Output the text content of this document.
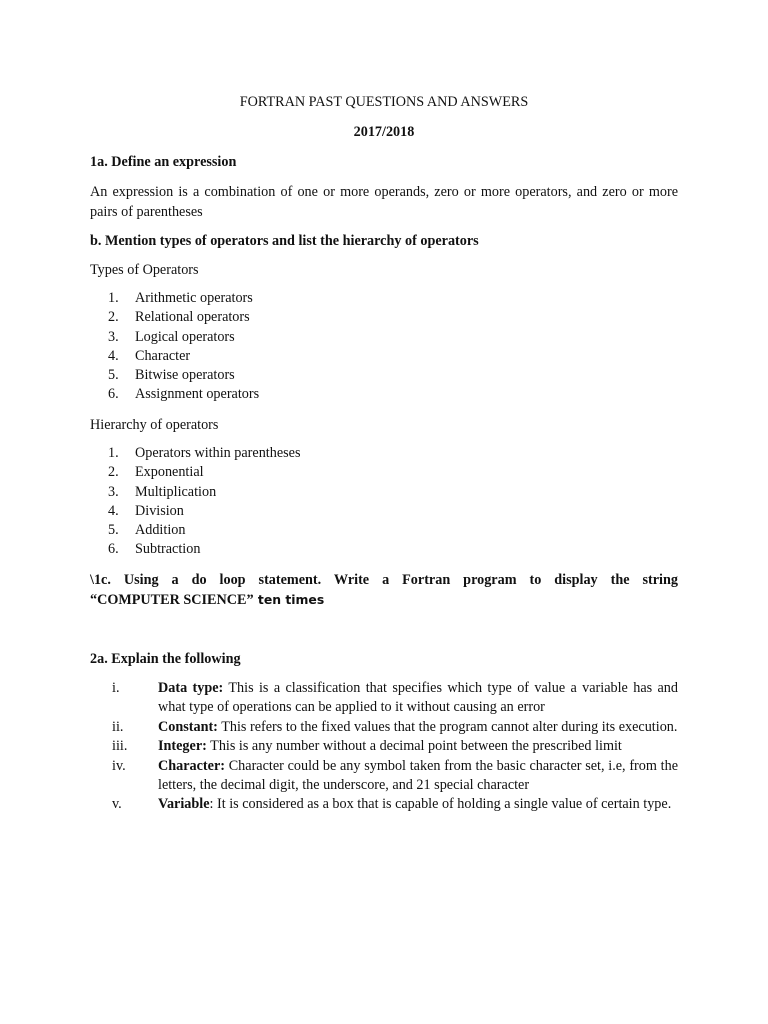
FORTRAN PAST QUESTIONS AND ANSWERS
2017/2018
1a. Define an expression
An expression is a combination of one or more operands, zero or more operators, and zero or more pairs of parentheses
b. Mention types of operators and list the hierarchy of operators
Types of Operators
1. Arithmetic operators
2. Relational operators
3. Logical operators
4. Character
5. Bitwise operators
6. Assignment operators
Hierarchy of operators
1. Operators within parentheses
2. Exponential
3. Multiplication
4. Division
5. Addition
6. Subtraction
\1c. Using a do loop statement. Write a Fortran program to display the string
“COMPUTER SCIENCE” ten times
2a. Explain the following
i.	Data type: This is a classification that specifies which type of value a variable has and what type of operations can be applied to it without causing an error
ii. Constant: This refers to the fixed values that the program cannot alter during its execution.
iii. Integer: This is any number without a decimal point between the prescribed limit
iv. Character: Character could be any symbol taken from the basic character set, i.e, from the letters, the decimal digit, the underscore, and 21 special character
v.	Variable: It is considered as a box that is capable of holding a single value of certain type.
